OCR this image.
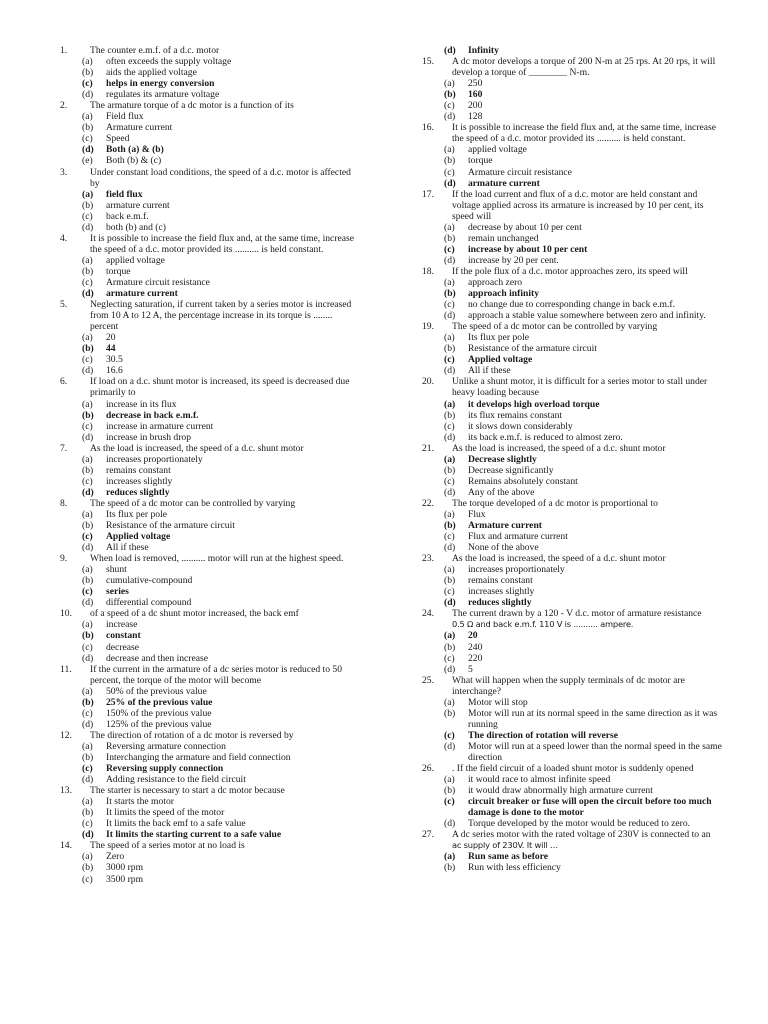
1.	The counter e.m.f. of a d.c. motor
(a)	often exceeds the supply voltage
(b)	aids the applied voltage
(c)	helps in energy conversion
(d)	regulates its armature voltage
2.	The armature torque of a dc motor is a function of its
(a)	Field flux
(b)	Armature current
(c)	Speed
(d)	Both (a) & (b)
(e)	Both (b) & (c)
3.	Under constant load conditions, the speed of a d.c. motor is affected by
(a)	field flux
(b)	armature current
(c)	back e.m.f.
(d)	both (b) and (c)
4.	It is possible to increase the field flux and, at the same time, increase the speed of a d.c. motor provided its .......... is held constant.
(a)	applied voltage
(b)	torque
(c)	Armature circuit resistance
(d)	armature current
5.	Neglecting saturation, if current taken by a series motor is increased from 10 A to 12 A, the percentage increase in its torque is ........ percent
(a)	20
(b)	44
(c)	30.5
(d)	16.6
6.	If load on a d.c. shunt motor is increased, its speed is decreased due primarily to
(a)	increase in its flux
(b)	decrease in back e.m.f.
(c)	increase in armature current
(d)	increase in brush drop
7.	As the load is increased, the speed of a d.c. shunt motor
(a)	increases proportionately
(b)	remains constant
(c)	increases slightly
(d)	reduces slightly
8.	The speed of a dc motor can be controlled by varying
(a)	Its flux per pole
(b)	Resistance of the armature circuit
(c)	Applied voltage
(d)	All if these
9.	When load is removed, .......... motor will run at the highest speed.
(a)	shunt
(b)	cumulative-compound
(c)	series
(d)	differential compound
10.	of a speed of a dc shunt motor increased, the back emf
(a)	increase
(b)	constant
(c)	decrease
(d)	decrease and then increase
11.	If the current in the armature of a dc series motor is reduced to 50 percent, the torque of the motor will become
(a)	50% of the previous value
(b)	25% of the previous value
(c)	150% of the previous value
(d)	125% of the previous value
12.	The direction of rotation of a dc motor is reversed by
(a)	Reversing armature connection
(b)	Interchanging the armature and field connection
(c)	Reversing supply connection
(d)	Adding resistance to the field circuit
13.	The starter is necessary to start a dc motor because
(a)	It starts the motor
(b)	It limits the speed of the motor
(c)	It limits the back emf to a safe value
(d)	It limits the starting current to a safe value
14.	The speed of a series motor at no load is
(a)	Zero
(b)	3000 rpm
(c)	3500 rpm
(d)	Infinity
15.	A dc motor develops a torque of 200 N-m at 25 rps. At 20 rps, it will develop a torque of ________ N-m.
(a)	250
(b)	160
(c)	200
(d)	128
16.	It is possible to increase the field flux and, at the same time, increase the speed of a d.c. motor provided its .......... is held constant.
(a)	applied voltage
(b)	torque
(c)	Armature circuit resistance
(d)	armature current
17.	If the load current and flux of a d.c. motor are held constant and voltage applied across its armature is increased by 10 per cent, its speed will
(a)	decrease by about 10 per cent
(b)	remain unchanged
(c)	increase by about 10 per cent
(d)	increase by 20 per cent.
18.	If the pole flux of a d.c. motor approaches zero, its speed will
(a)	approach zero
(b)	approach infinity
(c)	no change due to corresponding change in back e.m.f.
(d)	approach a stable value somewhere between zero and infinity.
19.	The speed of a dc motor can be controlled by varying
(a)	Its flux per pole
(b)	Resistance of the armature circuit
(c)	Applied voltage
(d)	All if these
20.	Unlike a shunt motor, it is difficult for a series motor to stall under heavy loading because
(a)	it develops high overload torque
(b)	its flux remains constant
(c)	it slows down considerably
(d)	its back e.m.f. is reduced to almost zero.
21.	As the load is increased, the speed of a d.c. shunt motor
(a)	Decrease slightly
(b)	Decrease significantly
(c)	Remains absolutely constant
(d)	Any of the above
22.	The torque developed of a dc motor is proportional to
(a)	Flux
(b)	Armature current
(c)	Flux and armature current
(d)	None of the above
23.	As the load is increased, the speed of a d.c. shunt motor
(a)	increases proportionately
(b)	remains constant
(c)	increases slightly
(d)	reduces slightly
24.	The current drawn by a 120 - V d.c. motor of armature resistance
0.5 Ω and back e.m.f. 110 V is .......... ampere.
(a)	20
(b)	240
(c)	220
(d)	5
25.	What will happen when the supply terminals of dc motor are interchange?
(a)	Motor will stop
(b)	Motor will run at its normal speed in the same direction as it was running
(c)	The direction of rotation will reverse
(d)	Motor will run at a speed lower than the normal speed in the same direction
26.	. If the field circuit of a loaded shunt motor is suddenly opened
(a)	it would race to almost infinite speed
(b)	it would draw abnormally high armature current
(c)	circuit breaker or fuse will open the circuit before too much damage is done to the motor
(d)	Torque developed by the motor would be reduced to zero.
27.	A dc series motor with the rated voltage of 230V is connected to an
ac supply of 230V. It will …
(a)	Run same as before
(b)	Run with less efficiency
